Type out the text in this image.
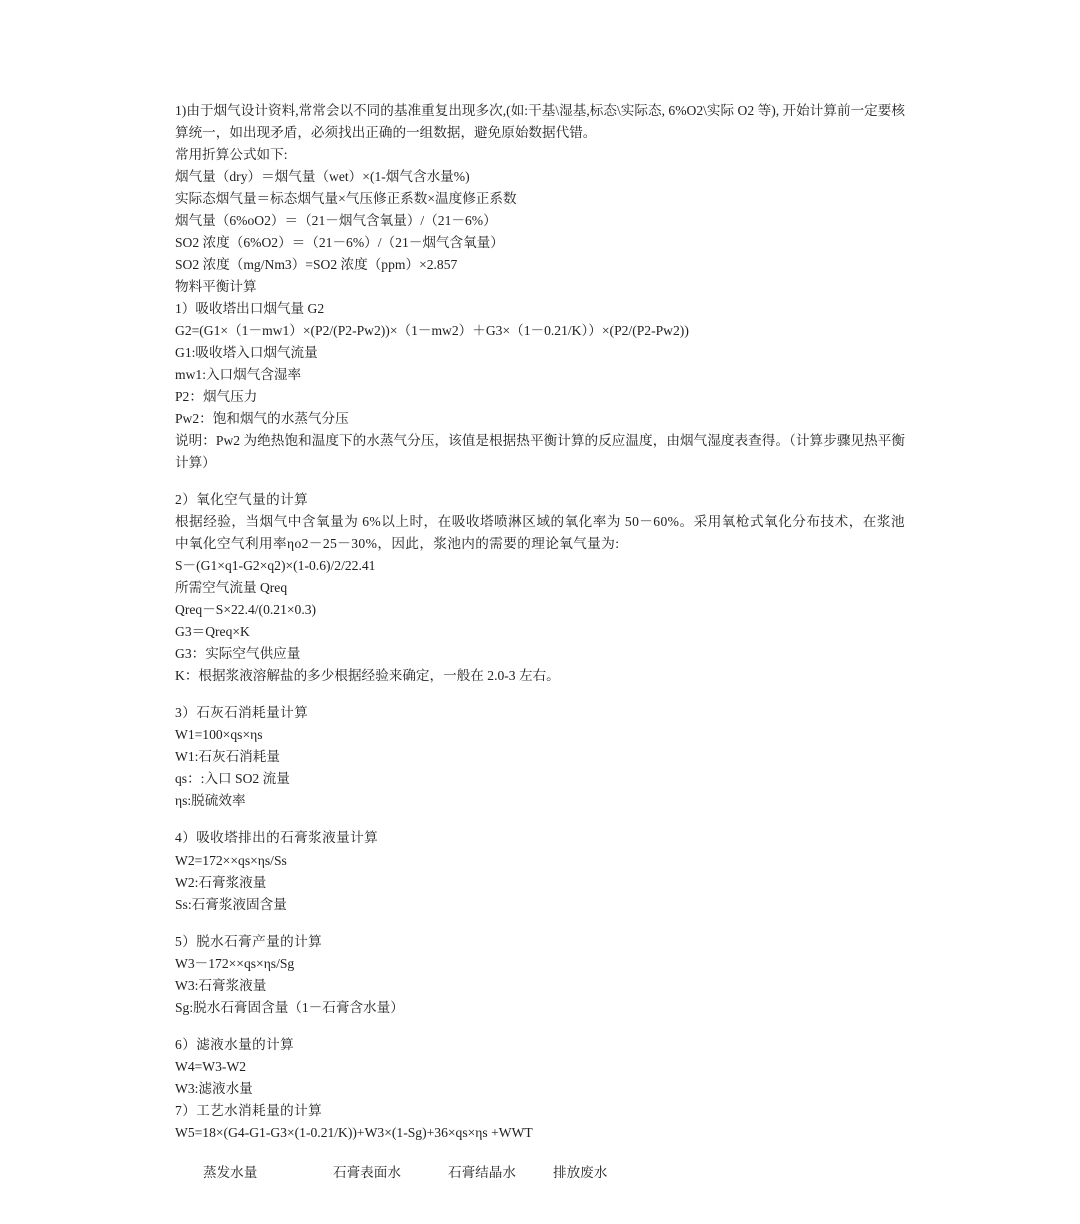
1)由于烟气设计资料,常常会以不同的基准重复出现多次,(如:干基\湿基,标态\实际态, 6%O2\实际 O2 等), 开始计算前一定要核算统一，如出现矛盾，必须找出正确的一组数据，避免原始数据代错。

常用折算公式如下:

烟气量（dry）＝烟气量（wet）×(1-烟气含水量%)

实际态烟气量＝标态烟气量×气压修正系数×温度修正系数

烟气量（6%oO2）＝（21－烟气含氧量）/（21－6%）

SO2 浓度（6%O2）＝（21－6%）/（21－烟气含氧量）

SO2 浓度（mg/Nm3）=SO2 浓度（ppm）×2.857

物料平衡计算

1）吸收塔出口烟气量 G2

G2=(G1×（1－mw1）×(P2/(P2-Pw2))×（1－mw2）＋G3×（1－0.21/K））×(P2/(P2-Pw2))

G1:吸收塔入口烟气流量

mw1:入口烟气含湿率

P2：烟气压力

Pw2：饱和烟气的水蒸气分压

说明：Pw2 为绝热饱和温度下的水蒸气分压，该值是根据热平衡计算的反应温度，由烟气湿度表查得。（计算步骤见热平衡计算）

2）氧化空气量的计算

根据经验，当烟气中含氧量为 6%以上时，在吸收塔喷淋区域的氧化率为 50－60%。采用氧枪式氧化分布技术，在浆池中氧化空气利用率ηo2－25－30%，因此，浆池内的需要的理论氧气量为:

S－(G1×q1-G2×q2)×(1-0.6)/2/22.41

所需空气流量 Qreq

Qreq－S×22.4/(0.21×0.3)

G3＝Qreq×K

G3：实际空气供应量

K：根据浆液溶解盐的多少根据经验来确定，一般在 2.0-3 左右。

3）石灰石消耗量计算

W1=100×qs×ηs

W1:石灰石消耗量

qs：:入口 SO2 流量

ηs:脱硫效率

4）吸收塔排出的石膏浆液量计算

W2=172××qs×ηs/Ss

W2:石膏浆液量

Ss:石膏浆液固含量

5）脱水石膏产量的计算

W3－172××qs×ηs/Sg

W3:石膏浆液量

Sg:脱水石膏固含量（1－石膏含水量）

6）滤液水量的计算

W4=W3-W2

W3:滤液水量

7）工艺水消耗量的计算

W5=18×(G4-G1-G3×(1-0.21/K))+W3×(1-Sg)+36×qs×ηs +WWT

蒸发水量	石膏表面水	石膏结晶水	排放废水
